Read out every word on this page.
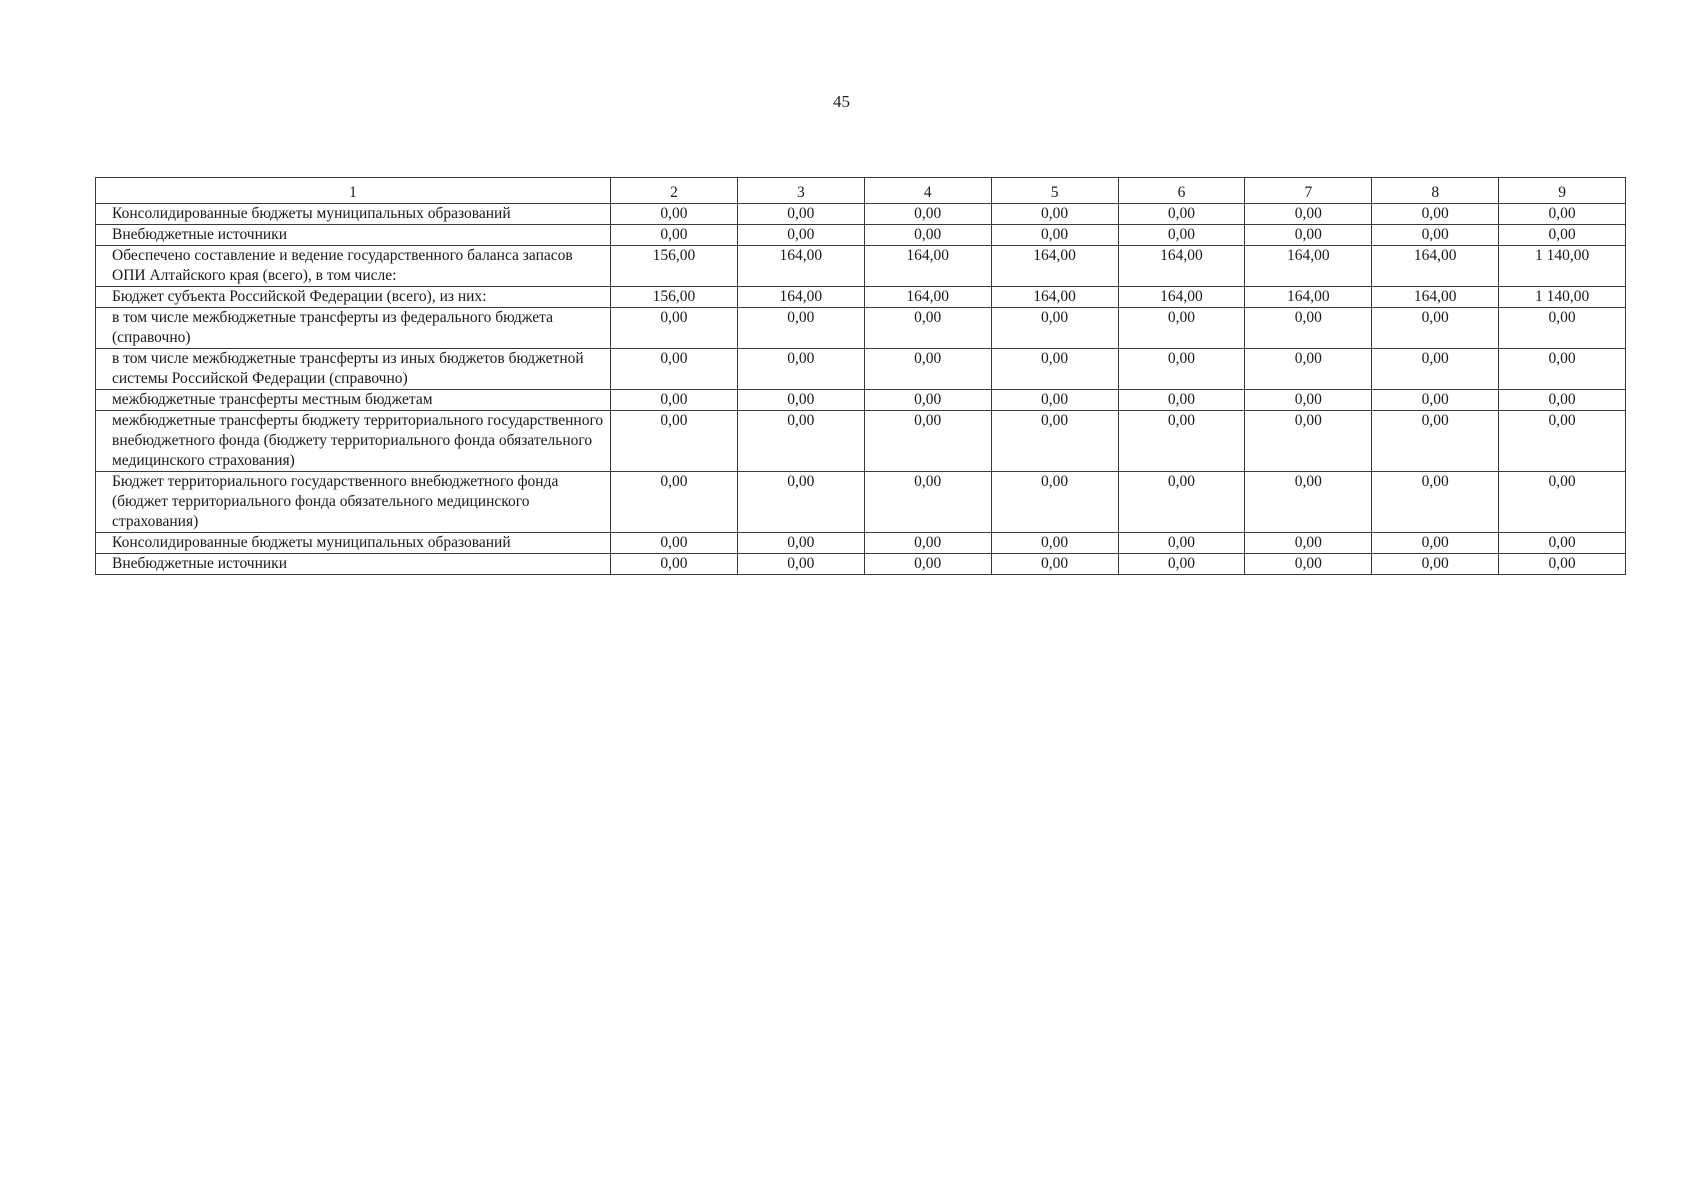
45
1	2	3	4	5	6	7	8	9
Консолидированные бюджеты муниципальных образований	0,00	0,00	0,00	0,00	0,00	0,00	0,00	0,00
Внебюджетные источники	0,00	0,00	0,00	0,00	0,00	0,00	0,00	0,00
Обеспечено составление и ведение государственного баланса запасов ОПИ Алтайского края (всего), в том числе:	156,00	164,00	164,00	164,00	164,00	164,00	164,00	1 140,00
Бюджет субъекта Российской Федерации (всего), из них:	156,00	164,00	164,00	164,00	164,00	164,00	164,00	1 140,00
в том числе межбюджетные трансферты из федерального бюджета (справочно)	0,00	0,00	0,00	0,00	0,00	0,00	0,00	0,00
в том числе межбюджетные трансферты из иных бюджетов бюджетной системы Российской Федерации (справочно)	0,00	0,00	0,00	0,00	0,00	0,00	0,00	0,00
межбюджетные трансферты местным бюджетам	0,00	0,00	0,00	0,00	0,00	0,00	0,00	0,00
межбюджетные трансферты бюджету территориального государственного внебюджетного фонда (бюджету территориального фонда обязательного медицинского страхования)	0,00	0,00	0,00	0,00	0,00	0,00	0,00	0,00
Бюджет территориального государственного внебюджетного фонда (бюджет территориального фонда обязательного медицинского страхования)	0,00	0,00	0,00	0,00	0,00	0,00	0,00	0,00
Консолидированные бюджеты муниципальных образований	0,00	0,00	0,00	0,00	0,00	0,00	0,00	0,00
Внебюджетные источники	0,00	0,00	0,00	0,00	0,00	0,00	0,00	0,00
